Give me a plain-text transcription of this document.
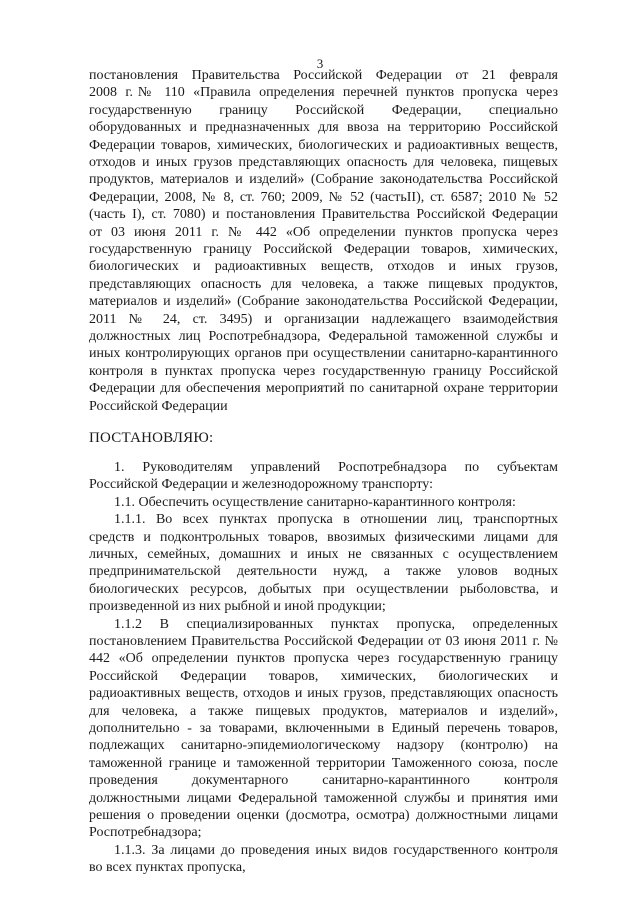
3
постановления Правительства Российской Федерации от 21 февраля
2008 г.№ 110 «Правила определения перечней пунктов пропуска через
государственную границу Российской Федерации, специально
оборудованных и предназначенных для ввоза на территорию Российской
Федерации товаров, химических, биологических и радиоактивных веществ,
отходов и иных грузов представляющих опасность для человека, пищевых
продуктов, материалов и изделий» (Собрание законодательства Российской
Федерации, 2008, № 8, ст. 760; 2009, № 52 (частьII), ст. 6587; 2010 № 52
(часть I), ст. 7080) и постановления Правительства Российской Федерации
от 03 июня 2011 г. № 442 «Об определении пунктов пропуска через
государственную границу Российской Федерации товаров, химических,
биологических и радиоактивных веществ, отходов и иных грузов,
представляющих опасность для человека, а также пищевых продуктов,
материалов и изделий» (Собрание законодательства Российской Федерации,
2011 № 24, ст. 3495) и организации надлежащего взаимодействия
должностных лиц Роспотребнадзора, Федеральной таможенной службы и
иных контролирующих органов при осуществлении санитарно-карантинного
контроля в пунктах пропуска через государственную границу Российской
Федерации для обеспечения мероприятий по санитарной охране территории
ПОСТАНОВЛЯЮ:
1. Руководителям управлений Роспотребнадзора по субъектам
Российской Федерации и железнодорожному транспорту:
1.1. Обеспечить осуществление санитарно-карантинного контроля:
1.1.1. Во всех пунктах пропуска в отношении лиц, транспортных
средств и подконтрольных товаров, ввозимых физическими лицами для
личных, семейных, домашних и иных не связанных с осуществлением
предпринимательской деятельности нужд, а также уловов водных
биологических ресурсов, добытых при осуществлении рыболовства, и
произведенной из них рыбной и иной продукции;
1.1.2 В специализированных пунктах пропуска, определенных
постановлением Правительства Российской Федерации от 03 июня 2011 г. №
442 «Об определении пунктов пропуска через государственную границу
Российской Федерации товаров, химических, биологических и
радиоактивных веществ, отходов и иных грузов, представляющих опасность
для человека, а также пищевых продуктов, материалов и изделий»,
дополнительно - за товарами, включенными в Единый перечень товаров,
подлежащих санитарно-эпидемиологическому надзору (контролю) на
таможенной границе и таможенной территории Таможенного союза, после
проведения документарного санитарно-карантинного контроля
должностными лицами Федеральной таможенной службы и принятия ими
решения о проведении оценки (досмотра, осмотра) должностными лицами
Роспотребнадзора;
1.1.3. За лицами до проведения иных видов государственного контроля
во всех пунктах пропуска,
Российской Федерации
